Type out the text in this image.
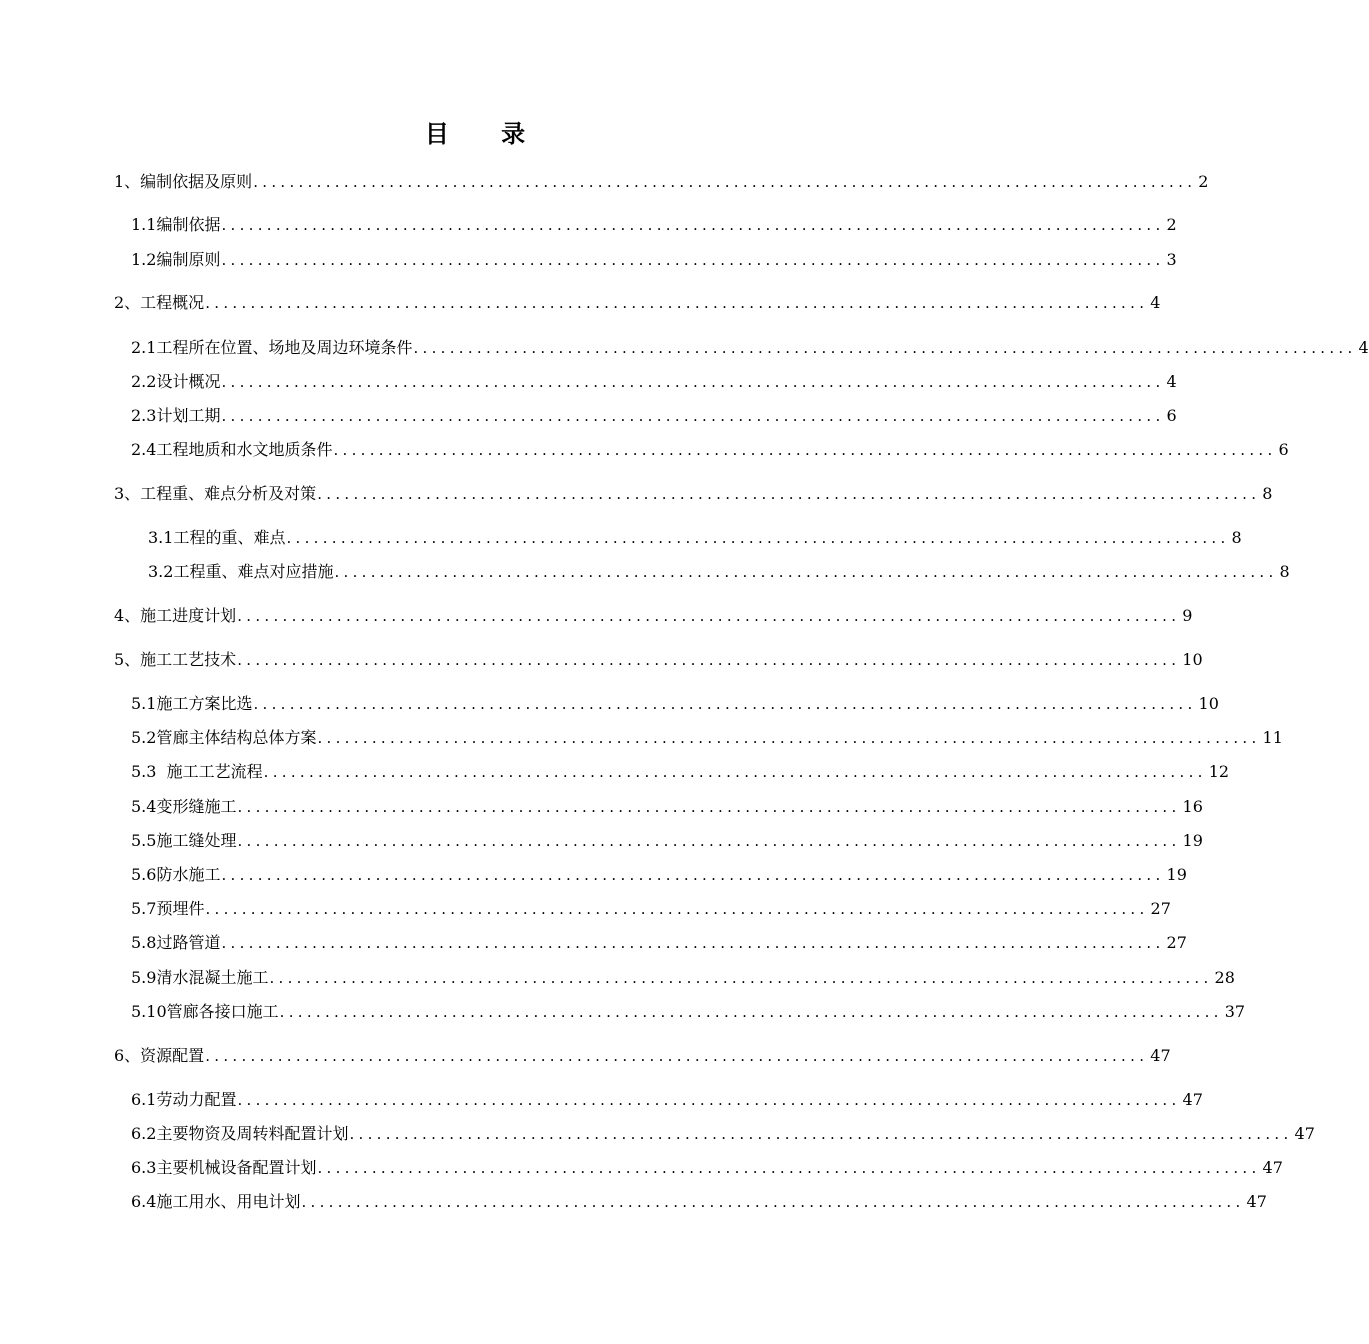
目 录
1、编制依据及原则 ........................................................................................................ 2
1.1编制依据 ........................................................................................................ 2
1.2编制原则 ........................................................................................................ 3
2、工程概况 ........................................................................................................ 4
2.1工程所在位置、场地及周边环境条件 ........................................................................................................ 4
2.2设计概况 ........................................................................................................ 4
2.3计划工期 ........................................................................................................ 6
2.4工程地质和水文地质条件 ........................................................................................................ 6
3、工程重、难点分析及对策 ........................................................................................................ 8
3.1工程的重、难点 ........................................................................................................ 8
3.2工程重、难点对应措施 ........................................................................................................ 8
4、施工进度计划 ........................................................................................................ 9
5、施工工艺技术 ........................................................................................................ 10
5.1施工方案比选 ........................................................................................................ 10
5.2管廊主体结构总体方案 ........................................................................................................ 11
5.3  施工工艺流程 ........................................................................................................ 12
5.4变形缝施工 ........................................................................................................ 16
5.5施工缝处理 ........................................................................................................ 19
5.6防水施工 ........................................................................................................ 19
5.7预埋件 ........................................................................................................ 27
5.8过路管道 ........................................................................................................ 27
5.9清水混凝土施工 ........................................................................................................ 28
5.10管廊各接口施工 ........................................................................................................ 37
6、资源配置 ........................................................................................................ 47
6.1劳动力配置 ........................................................................................................ 47
6.2主要物资及周转料配置计划 ........................................................................................................ 47
6.3主要机械设备配置计划 ........................................................................................................ 47
6.4施工用水、用电计划 ........................................................................................................ 47
